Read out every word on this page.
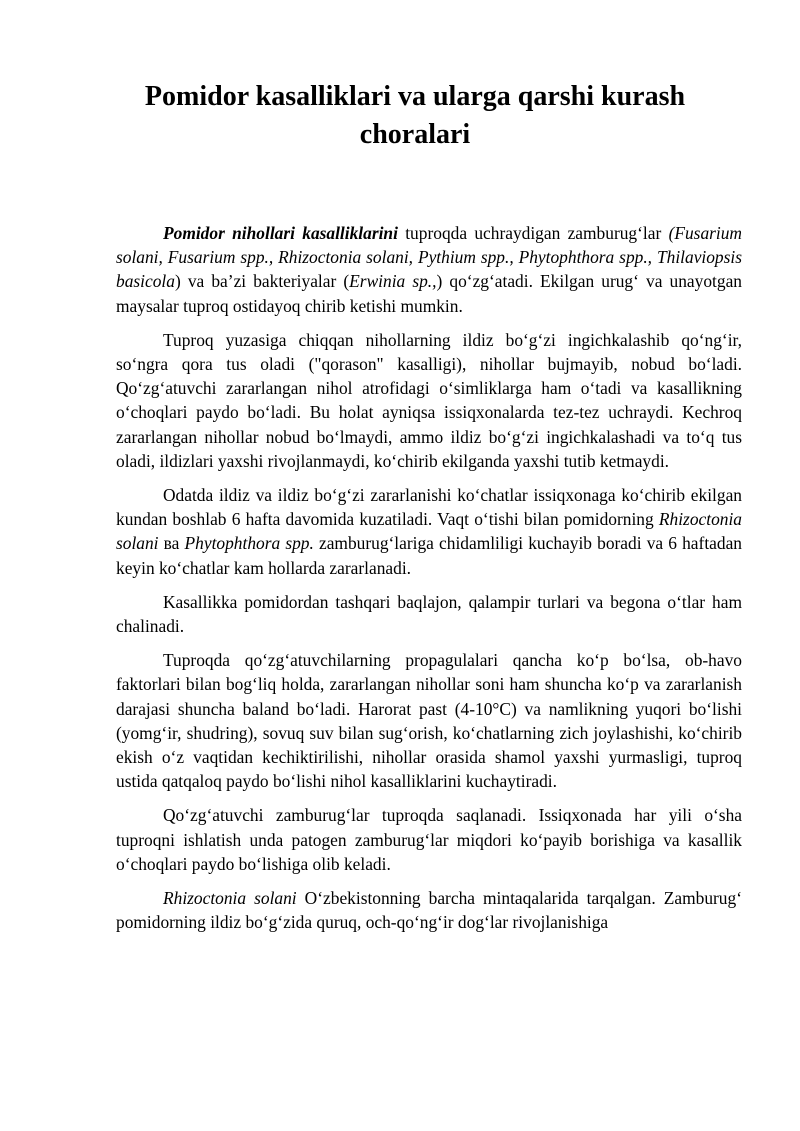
Pomidor kasalliklari va ularga qarshi kurash choralari

Pomidor nihollari kasalliklarini tuproqda uchraydigan zamburug‘lar (Fusarium solani, Fusarium spp., Rhizoctonia solani, Pythium spp., Phytophthora spp., Thilaviopsis basicola) va ba’zi bakteriyalar (Erwinia sp.,) qo‘zg‘atadi. Ekilgan urug‘ va unayotgan maysalar tuproq ostidayoq chirib ketishi mumkin.

Tuproq yuzasiga chiqqan nihollarning ildiz bo‘g‘zi ingichkalashib qo‘ng‘ir, so‘ngra qora tus oladi ("qorason" kasalligi), nihollar bujmayib, nobud bo‘ladi. Qo‘zg‘atuvchi zararlangan nihol atrofidagi o‘simliklarga ham o‘tadi va kasallikning o‘choqlari paydo bo‘ladi. Bu holat ayniqsa issiqxonalarda tez-tez uchraydi. Kechroq zararlangan nihollar nobud bo‘lmaydi, ammo ildiz bo‘g‘zi ingichkalashadi va to‘q tus oladi, ildizlari yaxshi rivojlanmaydi, ko‘chirib ekilganda yaxshi tutib ketmaydi.

Odatda ildiz va ildiz bo‘g‘zi zararlanishi ko‘chatlar issiqxonaga ko‘chirib ekilgan kundan boshlab 6 hafta davomida kuzatiladi. Vaqt o‘tishi bilan pomidorning Rhizoctonia solani ва Phytophthora spp. zamburug‘lariga chidamliligi kuchayib boradi va 6 haftadan keyin ko‘chatlar kam hollarda zararlanadi.

Kasallikka pomidordan tashqari baqlajon, qalampir turlari va begona o‘tlar ham chalinadi.

Tuproqda qo‘zg‘atuvchilarning propagulalari qancha ko‘p bo‘lsa, ob-havo faktorlari bilan bog‘liq holda, zararlangan nihollar soni ham shuncha ko‘p va zararlanish darajasi shuncha baland bo‘ladi. Harorat past (4-10°C) va namlikning yuqori bo‘lishi (yomg‘ir, shudring), sovuq suv bilan sug‘orish, ko‘chatlarning zich joylashishi, ko‘chirib ekish o‘z vaqtidan kechiktirilishi, nihollar orasida shamol yaxshi yurmasligi, tuproq ustida qatqaloq paydo bo‘lishi nihol kasalliklarini kuchaytiradi.

Qo‘zg‘atuvchi zamburug‘lar tuproqda saqlanadi. Issiqxonada har yili o‘sha tuproqni ishlatish unda patogen zamburug‘lar miqdori ko‘payib borishiga va kasallik o‘choqlari paydo bo‘lishiga olib keladi.

Rhizoctonia solani O‘zbekistonning barcha mintaqalarida tarqalgan. Zamburug‘ pomidorning ildiz bo‘g‘zida quruq, och-qo‘ng‘ir dog‘lar rivojlanishiga
